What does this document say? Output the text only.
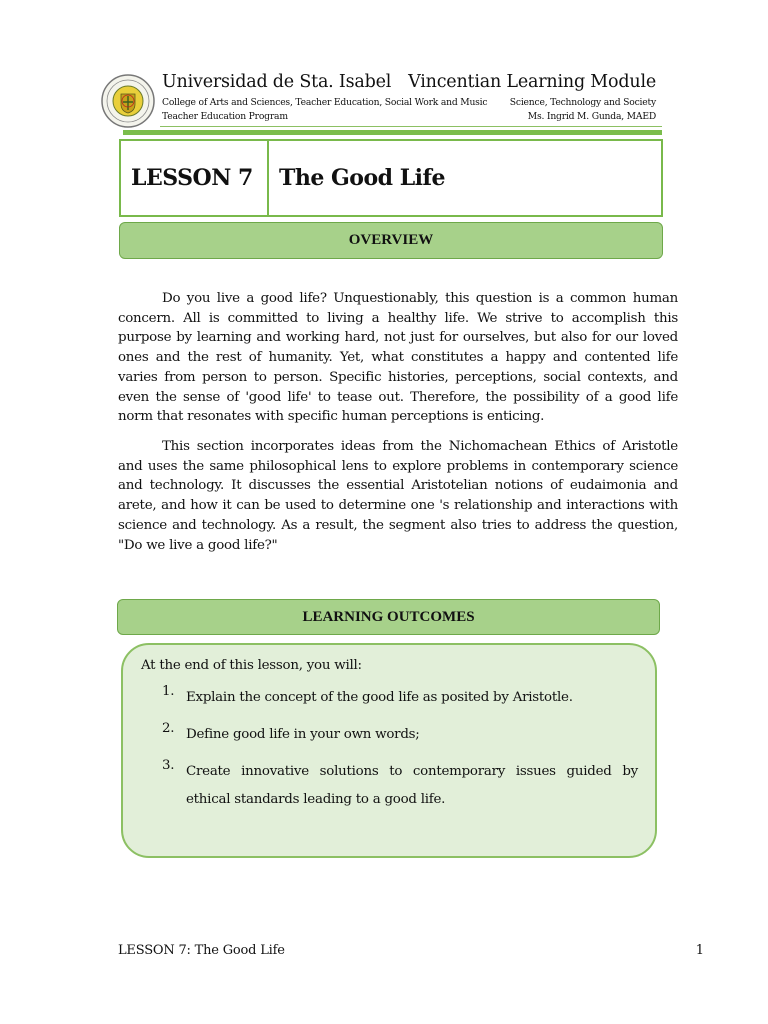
Universidad de Sta. Isabel Vincentian Learning Module
College of Arts and Sciences, Teacher Education, Social Work and Music
Teacher Education Program
Science, Technology and Society
Ms. Ingrid M. Gunda, MAED
LESSON 7	The Good Life
OVERVIEW
Do you live a good life? Unquestionably, this question is a common human concern. All is committed to living a healthy life. We strive to accomplish this purpose by learning and working hard, not just for ourselves, but also for our loved ones and the rest of humanity. Yet, what constitutes a happy and contented life varies from person to person. Specific histories, perceptions, social contexts, and even the sense of 'good life' to tease out. Therefore, the possibility of a good life norm that resonates with specific human perceptions is enticing.
This section incorporates ideas from the Nichomachean Ethics of Aristotle and uses the same philosophical lens to explore problems in contemporary science and technology. It discusses the essential Aristotelian notions of eudaimonia and arete, and how it can be used to determine one 's relationship and interactions with science and technology. As a result, the segment also tries to address the question, "Do we live a good life?"
LEARNING OUTCOMES
At the end of this lesson, you will:
1. Explain the concept of the good life as posited by Aristotle.
2. Define good life in your own words;
3. Create innovative solutions to contemporary issues guided by ethical standards leading to a good life.
LESSON 7: The Good Life	1
